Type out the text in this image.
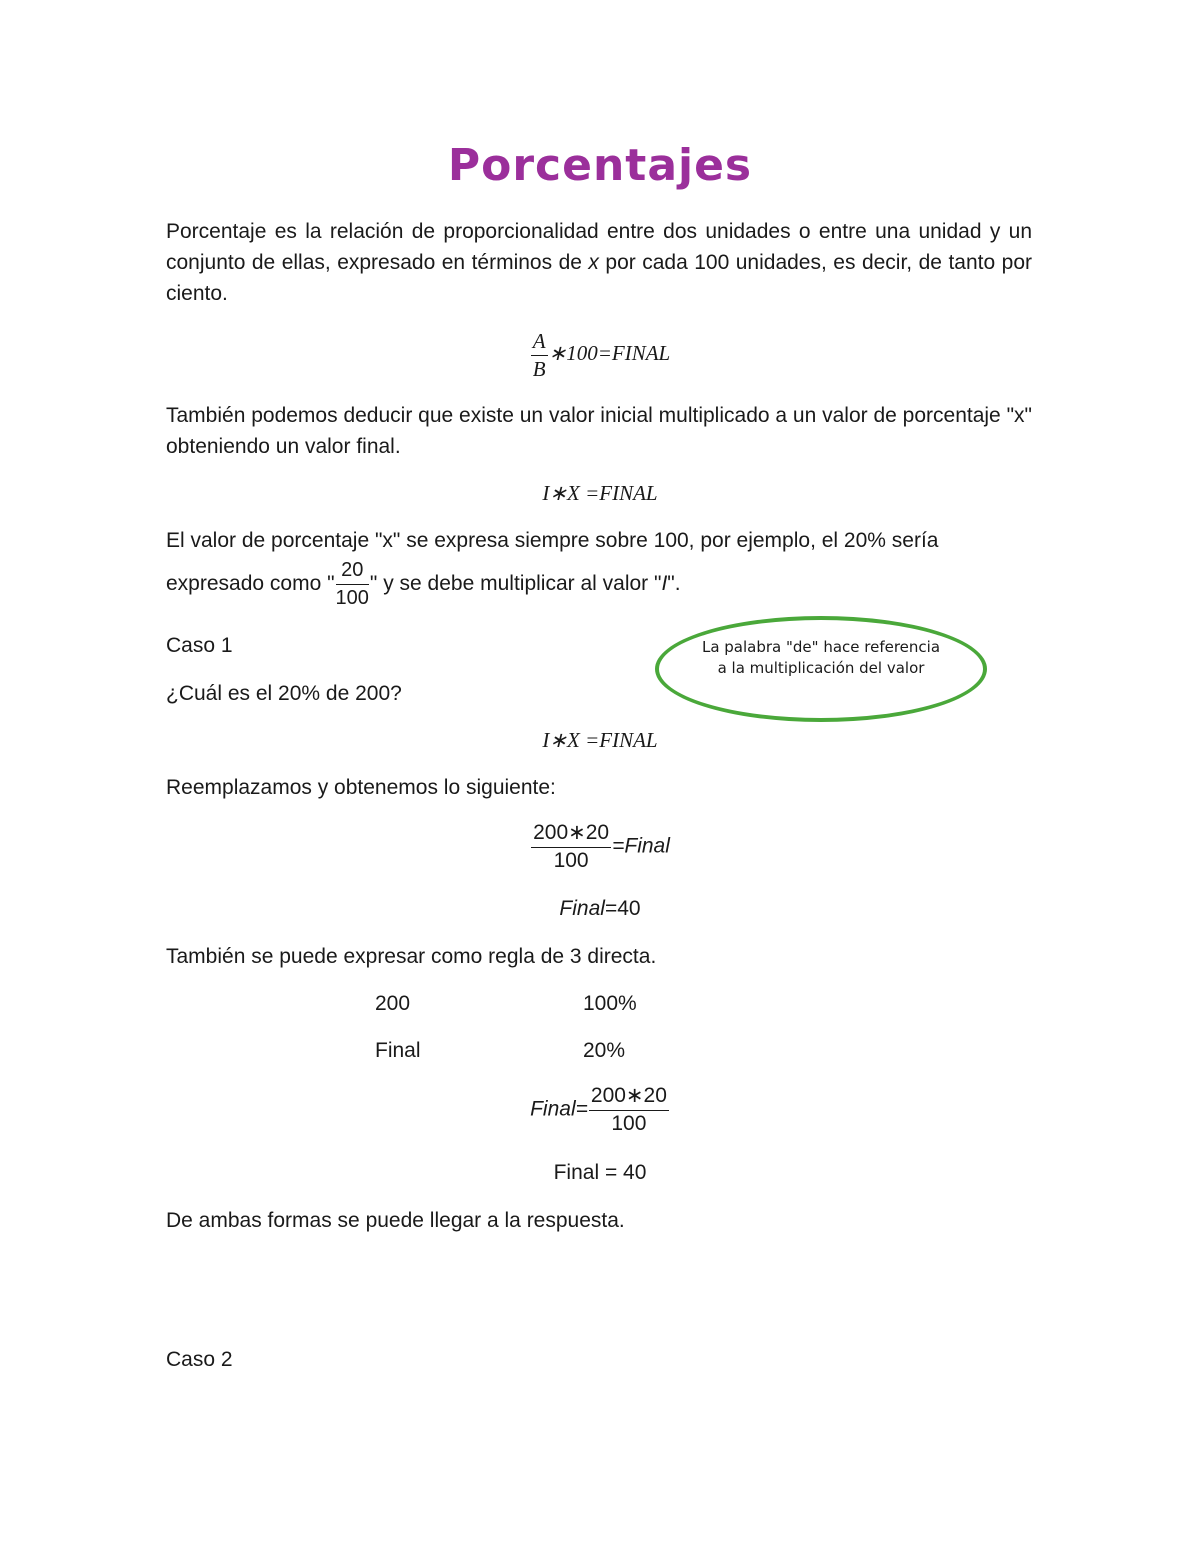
Porcentajes

Porcentaje es la relación de proporcionalidad entre dos unidades o entre una unidad y un conjunto de ellas, expresado en términos de x por cada 100 unidades, es decir, de tanto por ciento.

$\frac{A}{B}$ ∗100=FINAL

También podemos deducir que existe un valor inicial multiplicado a un valor de porcentaje "x" obteniendo un valor final.

I∗X =FINAL
El valor de porcentaje "x" se expresa siempre sobre 100, por ejemplo, el 20% sería
expresado como " $\frac{20}{100}$ " y se debe multiplicar al valor "I".
Caso 1
¿Cuál es el 20% de 200?
La palabra "de" hace referencia a la multiplicación del valor
I∗X =FINAL
Reemplazamos y obtenemos lo siguiente:
$\frac{200∗20}{100}$ =Final
Final=40
También se puede expresar como regla de 3 directa.
200	100%
Final	20%
Final= $\frac{200∗20}{100}$
Final = 40
De ambas formas se puede llegar a la respuesta.
Caso 2
